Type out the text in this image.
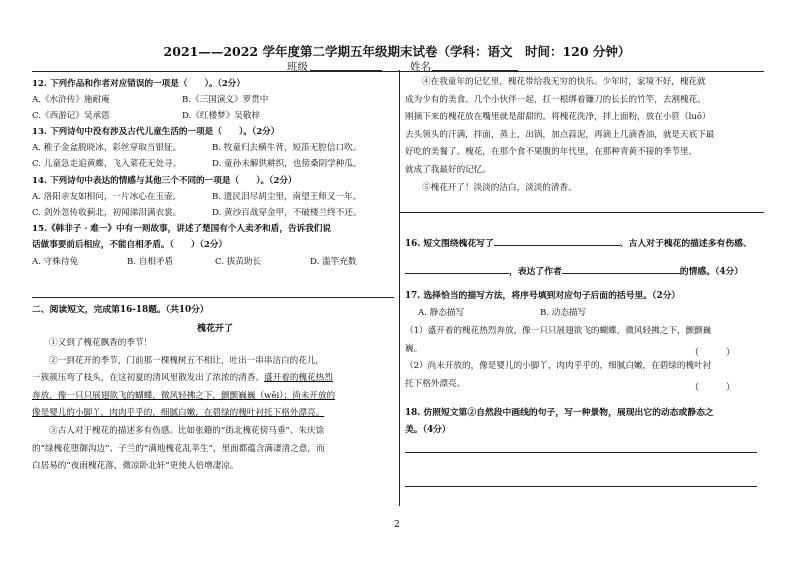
2021——2022 学年度第二学期五年级期末试卷（学科：语文　时间：120 分钟）
班级	姓名
12. 下列作品和作者对应错误的一项是（　　）。（2分）
A.《水浒传》施耐庵	B.《三国演义》罗贯中
C.《西游记》吴承恩	D.《红楼梦》吴敬梓
13. 下列诗句中没有涉及古代儿童生活的一项是（　　）。（2分）
A. 稚子金盆脱晓冰，彩丝穿取当银钲。	B. 牧童归去横牛背，短笛无腔信口吹。
C. 儿童急走追黄蝶，飞入菜花无处寻。	D. 童孙未解供耕织，也傍桑阴学种瓜。
14. 下列诗句中表达的情感与其他三个不同的一项是（　　）。（2分）
A. 洛阳亲友如相问，一片冰心在玉壶。	B. 遗民泪尽胡尘里，南望王师又一年。
C. 剑外忽传收蓟北，初闻涕泪满衣裳。	D. 黄沙百战穿金甲，不破楼兰终不还。
15.《韩非子 · 难一》中有一则故事，讲述了楚国有个人卖矛和盾，告诉我们说
话做事要前后相应，不能自相矛盾。（　　）（2分）
A. 守株待兔	B. 自相矛盾	C. 拔苗助长	D. 滥竽充数
二、阅读短文，完成第16-18题。（共10分）
槐花开了
①又到了槐花飘香的季节！
②一到花开的季节，门前那一棵槐树五不相让，吐出一串串洁白的花儿，
一簇簇压弯了枝头，在这初夏的清风里散发出了浓浓的清香。盛开着的槐花热烈
奔放，像一只只展翅欲飞的蝴蝶，微风轻拂之下，颤颤巍巍（wēi）；尚未开放的
像是婴儿的小脚丫，肉肉乎乎的，细腻白嫩，在碧绿的槐叶衬托下格外漂亮。
③古人对于槐花的描述多有伤感。比如张籍的“街北槐花傍马垂”、朱庆馀
的“绿槐花堕御沟边”、子兰的“满地槐花乱莘生”，里面都蕴含满凄清之意，而
白居易的“夜雨槐花落，微凉卧北轩”更使人倍增凄凉。
④在我童年的记忆里，槐花带给我无穷的快乐。少年时，家境不好，槐花就
成为少有的美食。几个小伙伴一起，扛一根绑着镰刀的长长的竹竿，去割槐花。
刚摘下来的槐花放在嘴里就是甜甜的。将槐花洗净，拌上面粉，放在小笸（luō）
去头领头的汗满，拌面，蒸上，出锅，加点蒜泥，再滴上几滴香油，就是天底下最
好吃的美餐了。槐花，在那个食不果腹的年代里，在那种青黄不接的季节里，
就成了我最好的记忆。
⑤槐花开了！淡淡的洁白，淡淡的清香。
16. 短文围绕槐花写了	、古人对于槐花的描述多有伤感、
，表达了作者	的情感。（4分）
17. 选择恰当的描写方法，将序号填到对应句子后面的括号里。（2分）
A. 静态描写	B. 动态描写
（1）盛开着的槐花热烈奔放，像一只只展翅欲飞的蝴蝶，微风轻拂之下，颤颤巍
巍。
（2）尚未开放的，像是婴儿的小脚丫，肉肉乎乎的，细腻白嫩，在碧绿的槐叶衬
托下格外漂亮。
（　　　）
（　　　）
18. 仿照短文第②自然段中画线的句子，写一种景物，展现出它的动态或静态之
美。（4分）
2
